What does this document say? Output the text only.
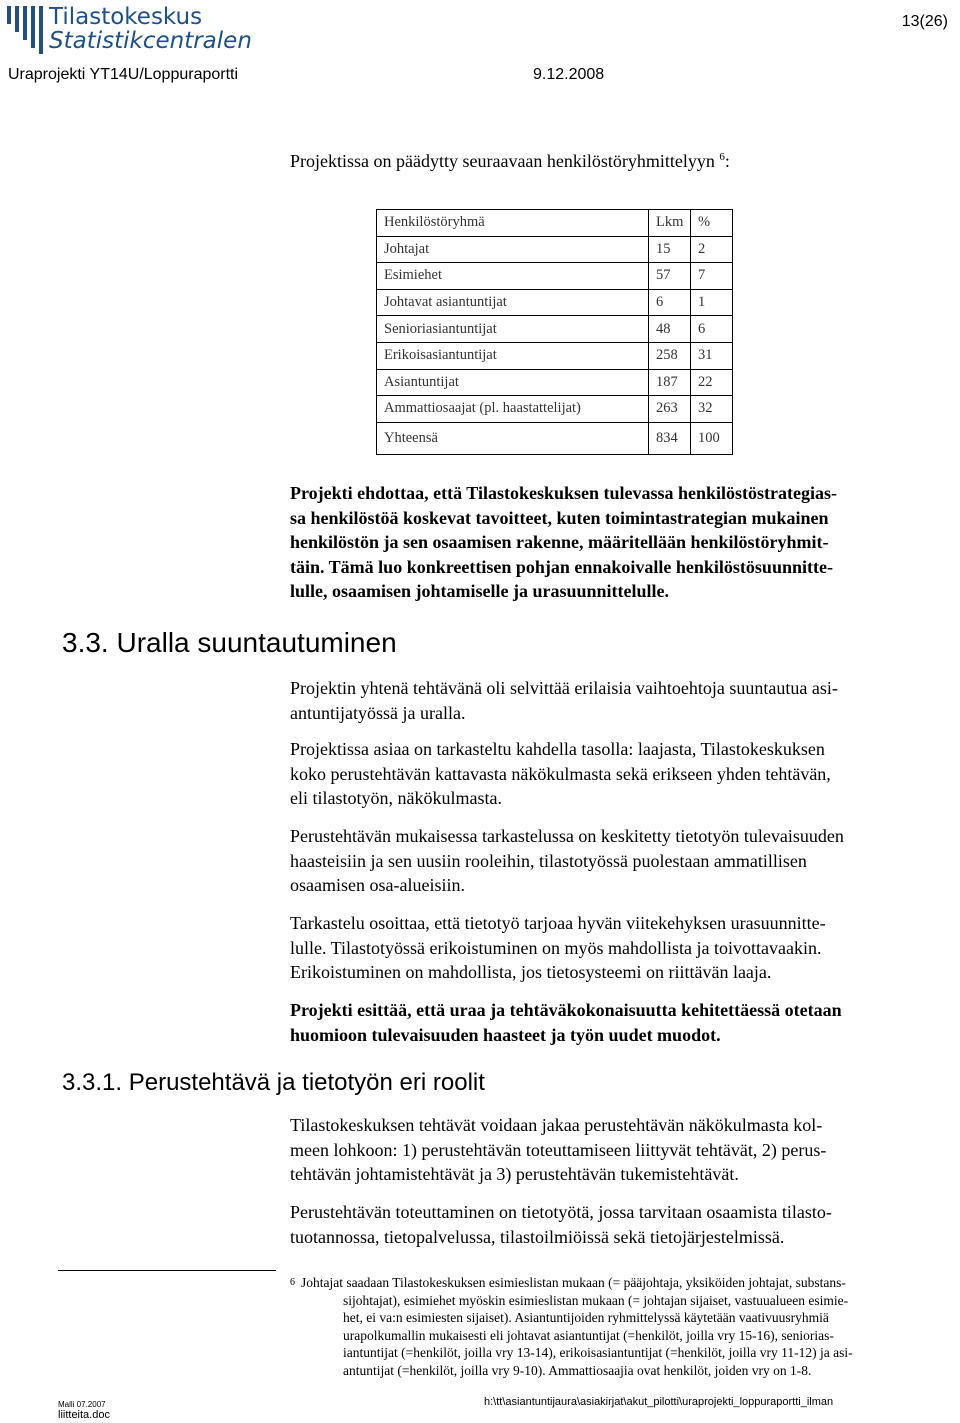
Tilastokeskus
Statistikcentralen
13(26)
Uraprojekti YT14U/Loppuraportti	9.12.2008
Projektissa on päädytty seuraavaan henkilöstöryhmittelyyn $^6$:
Henkilöstöryhmä	Lkm	%
Johtajat	15	2
Esimiehet	57	7
Johtavat asiantuntijat	6	1
Senioriasiantuntijat	48	6
Erikoisasiantuntijat	258	31
Asiantuntijat	187	22
Ammattiosaajat (pl. haastattelijat)	263	32
Yhteensä	834	100
Projekti ehdottaa, että Tilastokeskuksen tulevassa henkilöstöstrategias-
sa henkilöstöä koskevat tavoitteet, kuten toimintastrategian mukainen
henkilöstön ja sen osaamisen rakenne, määritellään henkilöstöryhmit-
täin. Tämä luo konkreettisen pohjan ennakoivalle henkilöstösuunnitte-
lulle, osaamisen johtamiselle ja urasuunnittelulle.
3.3. Uralla suuntautuminen
Projektin yhtenä tehtävänä oli selvittää erilaisia vaihtoehtoja suuntautua asi-
antuntijatyössä ja uralla.
Projektissa asiaa on tarkasteltu kahdella tasolla: laajasta, Tilastokeskuksen
koko perustehtävän kattavasta näkökulmasta sekä erikseen yhden tehtävän,
eli tilastotyön, näkökulmasta.
Perustehtävän mukaisessa tarkastelussa on keskitetty tietotyön tulevaisuuden
haasteisiin ja sen uusiin rooleihin, tilastotyössä puolestaan ammatillisen
osaamisen osa-alueisiin.
Tarkastelu osoittaa, että tietotyö tarjoaa hyvän viitekehyksen urasuunnitte-
lulle. Tilastotyössä erikoistuminen on myös mahdollista ja toivottavaakin.
Erikoistuminen on mahdollista, jos tietosysteemi on riittävän laaja.
Projekti esittää, että uraa ja tehtäväkokonaisuutta kehitettäessä otetaan
huomioon tulevaisuuden haasteet ja työn uudet muodot.
3.3.1. Perustehtävä ja tietotyön eri roolit
Tilastokeskuksen tehtävät voidaan jakaa perustehtävän näkökulmasta kol-
meen lohkoon: 1) perustehtävän toteuttamiseen liittyvät tehtävät, 2) perus-
tehtävän johtamistehtävät ja 3) perustehtävän tukemistehtävät.
Perustehtävän toteuttaminen on tietotyötä, jossa tarvitaan osaamista tilasto-
tuotannossa, tietopalvelussa, tilastoilmiöissä sekä tietojärjestelmissä.
6 Johtajat saadaan Tilastokeskuksen esimieslistan mukaan (= pääjohtaja, yksiköiden johtajat, substans-
sijohtajat), esimiehet myöskin esimieslistan mukaan (= johtajan sijaiset, vastuualueen esimie-
het, ei va:n esimiesten sijaiset). Asiantuntijoiden ryhmittelyssä käytetään vaativuusryhmiä
urapolkumallin mukaisesti eli johtavat asiantuntijat (=henkilöt, joilla vry 15-16), seniorias-
iantuntijat (=henkilöt, joilla vry 13-14), erikoisasiantuntijat (=henkilöt, joilla vry 11-12) ja asi-
antuntijat (=henkilöt, joilla vry 9-10). Ammattiosaajia ovat henkilöt, joiden vry on 1-8.
Malli 07.2007
liitteita.doc
h:\tt\asiantuntijaura\asiakirjat\akut_pilotti\uraprojekti_loppuraportti_ilman
